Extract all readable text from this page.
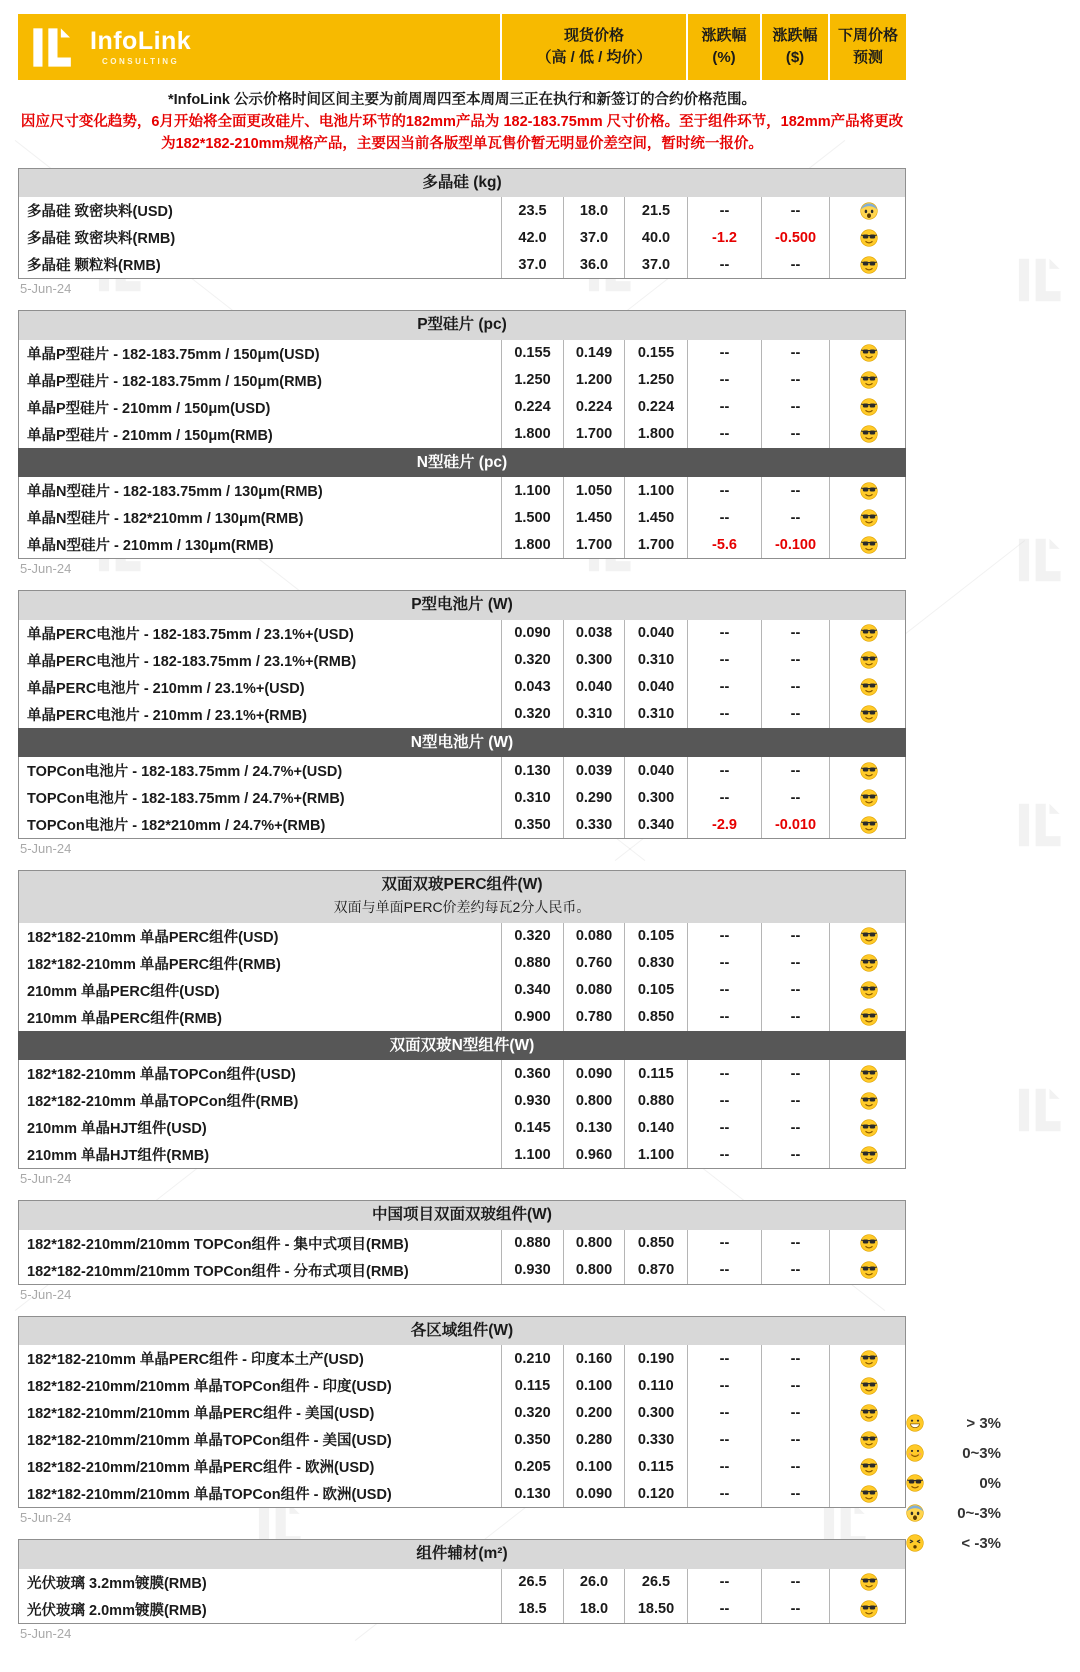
InfoLink
CONSULTING
现货价格
（高 / 低 / 均价）
涨跌幅
(%)
涨跌幅
($)
下周价格
预测
*InfoLink 公示价格时间区间主要为前周周四至本周周三正在执行和新签订的合约价格范围。
因应尺寸变化趋势，6月开始将全面更改硅片、电池片环节的182mm产品为 182-183.75mm 尺寸价格。至于组件环节，182mm产品将更改
为182*182-210mm规格产品，主要因当前各版型单瓦售价暂无明显价差空间，暂时统一报价。
多晶硅 (kg)
多晶硅 致密块料(USD)	23.5	18.0	21.5	--	--
多晶硅 致密块料(RMB)	42.0	37.0	40.0	-1.2	-0.500
多晶硅 颗粒料(RMB)	37.0	36.0	37.0	--	--
5-Jun-24
P型硅片 (pc)
单晶P型硅片 - 182-183.75mm / 150μm(USD)	0.155	0.149	0.155	--	--
单晶P型硅片 - 182-183.75mm / 150μm(RMB)	1.250	1.200	1.250	--	--
单晶P型硅片 - 210mm / 150μm(USD)	0.224	0.224	0.224	--	--
单晶P型硅片 - 210mm / 150μm(RMB)	1.800	1.700	1.800	--	--
N型硅片 (pc)
单晶N型硅片 - 182-183.75mm / 130μm(RMB)	1.100	1.050	1.100	--	--
单晶N型硅片 - 182*210mm / 130μm(RMB)	1.500	1.450	1.450	--	--
单晶N型硅片 - 210mm / 130μm(RMB)	1.800	1.700	1.700	-5.6	-0.100
5-Jun-24
P型电池片 (W)
单晶PERC电池片 - 182-183.75mm / 23.1%+(USD)	0.090	0.038	0.040	--	--
单晶PERC电池片 - 182-183.75mm / 23.1%+(RMB)	0.320	0.300	0.310	--	--
单晶PERC电池片 - 210mm / 23.1%+(USD)	0.043	0.040	0.040	--	--
单晶PERC电池片 - 210mm / 23.1%+(RMB)	0.320	0.310	0.310	--	--
N型电池片 (W)
TOPCon电池片 - 182-183.75mm / 24.7%+(USD)	0.130	0.039	0.040	--	--
TOPCon电池片 - 182-183.75mm / 24.7%+(RMB)	0.310	0.290	0.300	--	--
TOPCon电池片 - 182*210mm / 24.7%+(RMB)	0.350	0.330	0.340	-2.9	-0.010
5-Jun-24
双面双玻PERC组件(W)
双面与单面PERC价差约每瓦2分人民币。
182*182-210mm 单晶PERC组件(USD)	0.320	0.080	0.105	--	--
182*182-210mm 单晶PERC组件(RMB)	0.880	0.760	0.830	--	--
210mm 单晶PERC组件(USD)	0.340	0.080	0.105	--	--
210mm 单晶PERC组件(RMB)	0.900	0.780	0.850	--	--
双面双玻N型组件(W)
182*182-210mm 单晶TOPCon组件(USD)	0.360	0.090	0.115	--	--
182*182-210mm 单晶TOPCon组件(RMB)	0.930	0.800	0.880	--	--
210mm 单晶HJT组件(USD)	0.145	0.130	0.140	--	--
210mm 单晶HJT组件(RMB)	1.100	0.960	1.100	--	--
5-Jun-24
中国项目双面双玻组件(W)
182*182-210mm/210mm TOPCon组件 - 集中式项目(RMB)	0.880	0.800	0.850	--	--
182*182-210mm/210mm TOPCon组件 - 分布式项目(RMB)	0.930	0.800	0.870	--	--
5-Jun-24
各区域组件(W)
182*182-210mm 单晶PERC组件 - 印度本土产(USD)	0.210	0.160	0.190	--	--
182*182-210mm/210mm 单晶TOPCon组件 - 印度(USD)	0.115	0.100	0.110	--	--
182*182-210mm/210mm 单晶PERC组件 - 美国(USD)	0.320	0.200	0.300	--	--
182*182-210mm/210mm 单晶TOPCon组件 - 美国(USD)	0.350	0.280	0.330	--	--
182*182-210mm/210mm 单晶PERC组件 - 欧洲(USD)	0.205	0.100	0.115	--	--
182*182-210mm/210mm 单晶TOPCon组件 - 欧洲(USD)	0.130	0.090	0.120	--	--
5-Jun-24
组件辅材(m²)
光伏玻璃 3.2mm镀膜(RMB)	26.5	26.0	26.5	--	--
光伏玻璃 2.0mm镀膜(RMB)	18.5	18.0	18.50	--	--
5-Jun-24
> 3%
0~3%
0%
0~-3%
< -3%
